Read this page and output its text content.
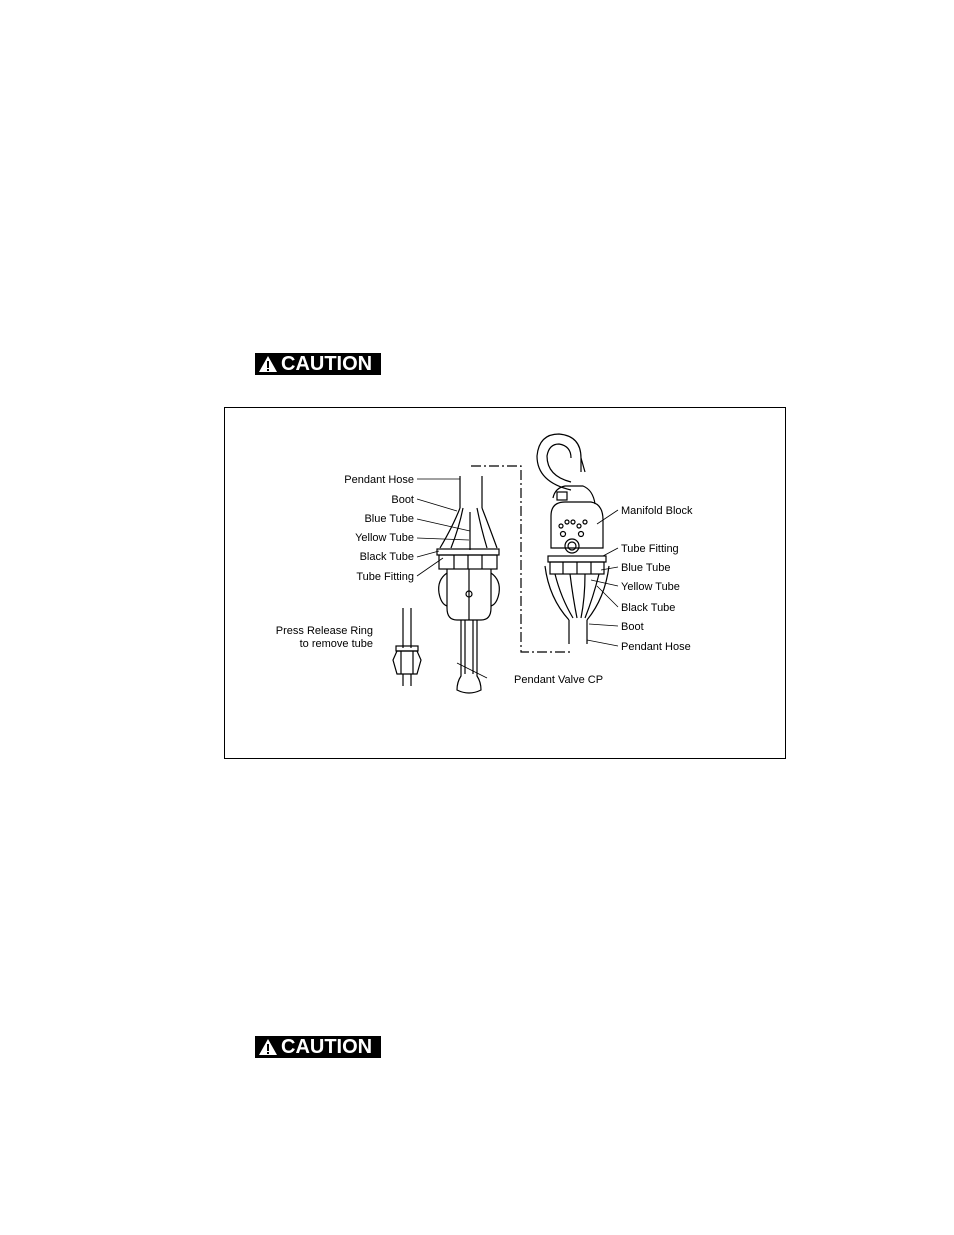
CAUTION
Pendant Hose
Boot
Blue Tube
Yellow Tube
Black Tube
Tube Fitting
Press Release Ring
to remove tube
Pendant Valve CP
Manifold Block
Tube Fitting
Blue Tube
Yellow Tube
Black Tube
Boot
Pendant Hose
CAUTION
